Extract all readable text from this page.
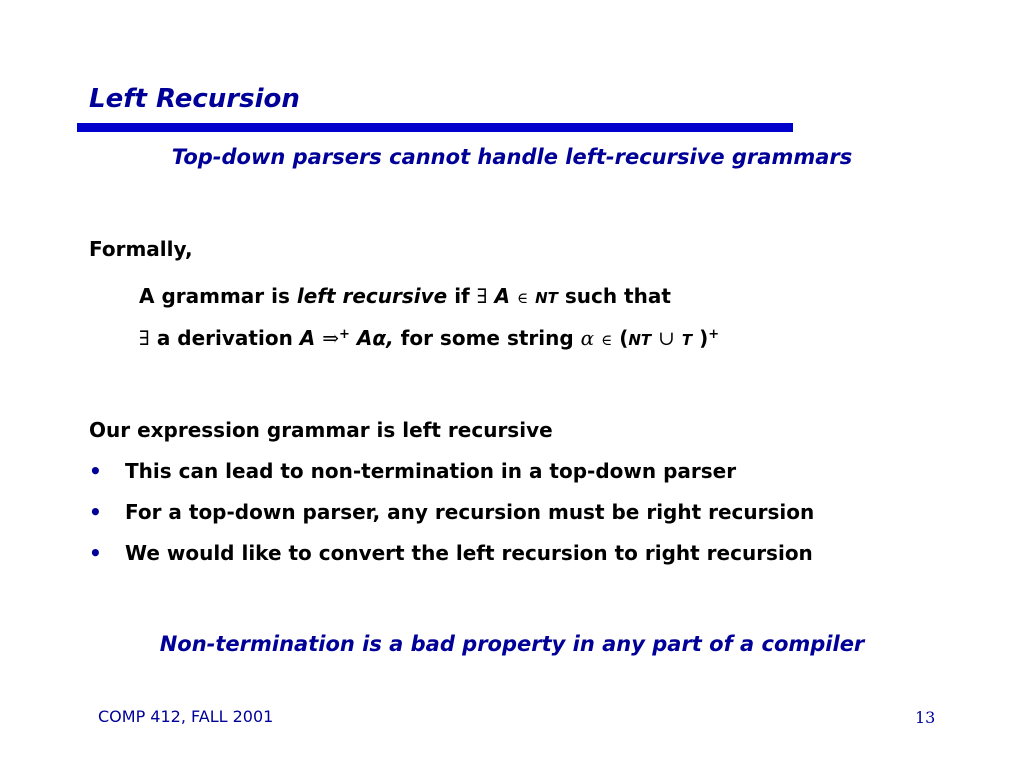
Left Recursion
Top-down parsers cannot handle left-recursive grammars
Formally,
A grammar is left recursive if ∃ A ∈ NT such that
∃ a derivation A ⇒+ Aα, for some string α ∈ (NT ∪ T )+
Our expression grammar is left recursive
• This can lead to non-termination in a top-down parser
• For a top-down parser, any recursion must be right recursion
• We would like to convert the left recursion to right recursion
Non-termination is a bad property in any part of a compiler
COMP 412, FALL 2001	13
